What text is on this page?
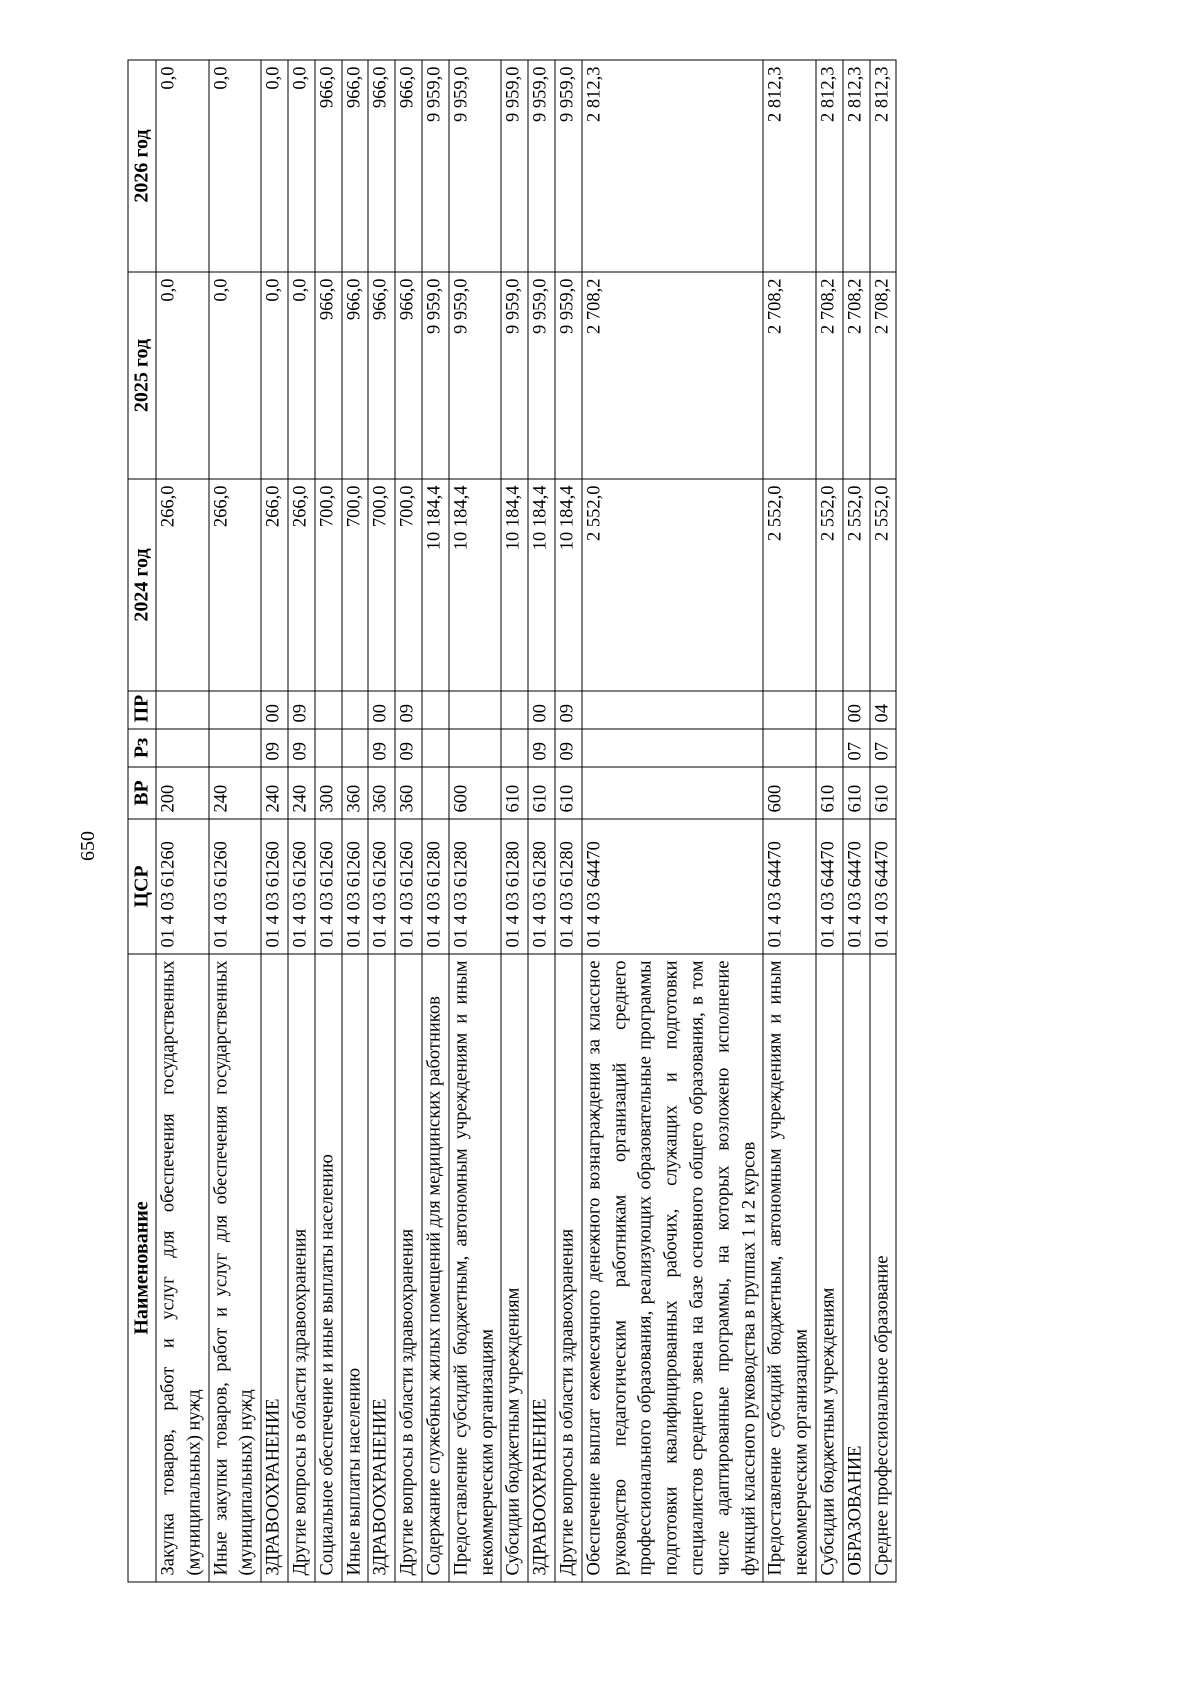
650
Наименование	ЦСР	ВР	Рз	ПР	2024 год	2025 год	2026 год
Закупка товаров, работ и услуг для обеспечения государственных (муниципальных) нужд	01 4 03 61260	200			266,0	0,0	0,0
Иные закупки товаров, работ и услуг для обеспечения государственных (муниципальных) нужд	01 4 03 61260	240			266,0	0,0	0,0
ЗДРАВООХРАНЕНИЕ	01 4 03 61260	240	09	00	266,0	0,0	0,0
Другие вопросы в области здравоохранения	01 4 03 61260	240	09	09	266,0	0,0	0,0
Социальное обеспечение и иные выплаты населению	01 4 03 61260	300			700,0	966,0	966,0
Иные выплаты населению	01 4 03 61260	360			700,0	966,0	966,0
ЗДРАВООХРАНЕНИЕ	01 4 03 61260	360	09	00	700,0	966,0	966,0
Другие вопросы в области здравоохранения	01 4 03 61260	360	09	09	700,0	966,0	966,0
Содержание служебных жилых помещений для медицинских работников	01 4 03 61280				10 184,4	9 959,0	9 959,0
Предоставление субсидий бюджетным, автономным учреждениям и иным некоммерческим организациям	01 4 03 61280	600			10 184,4	9 959,0	9 959,0
Субсидии бюджетным учреждениям	01 4 03 61280	610			10 184,4	9 959,0	9 959,0
ЗДРАВООХРАНЕНИЕ	01 4 03 61280	610	09	00	10 184,4	9 959,0	9 959,0
Другие вопросы в области здравоохранения	01 4 03 61280	610	09	09	10 184,4	9 959,0	9 959,0
Обеспечение выплат ежемесячного денежного вознаграждения за классное руководство педагогическим работникам организаций среднего профессионального образования, реализующих образовательные программы подготовки квалифицированных рабочих, служащих и подготовки специалистов среднего звена на базе основного общего образования, в том числе адаптированные программы, на которых возложено исполнение функций классного руководства в группах 1 и 2 курсов	01 4 03 64470				2 552,0	2 708,2	2 812,3
Предоставление субсидий бюджетным, автономным учреждениям и иным некоммерческим организациям	01 4 03 64470	600			2 552,0	2 708,2	2 812,3
Субсидии бюджетным учреждениям	01 4 03 64470	610			2 552,0	2 708,2	2 812,3
ОБРАЗОВАНИЕ	01 4 03 64470	610	07	00	2 552,0	2 708,2	2 812,3
Среднее профессиональное образование	01 4 03 64470	610	07	04	2 552,0	2 708,2	2 812,3
